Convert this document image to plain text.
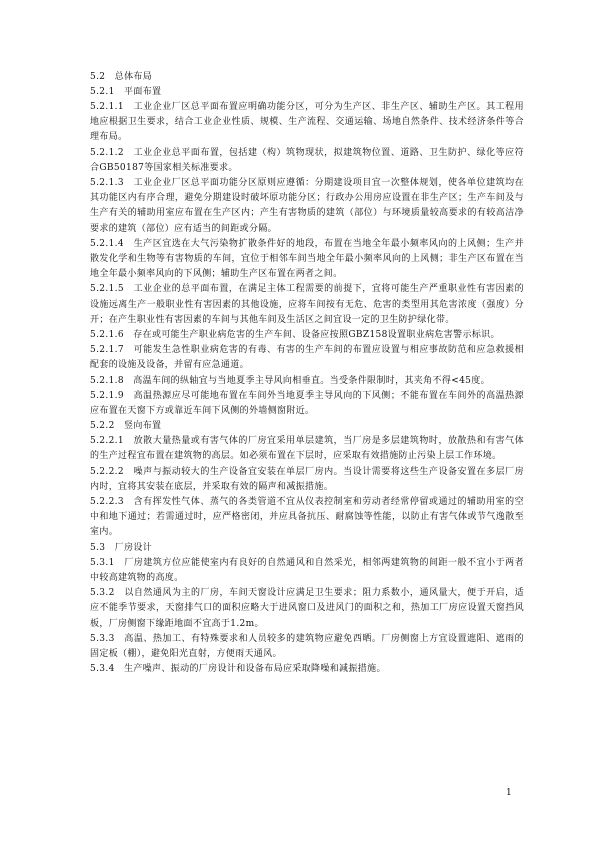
5.2　总体布局
5.2.1　平面布置
5.2.1.1　工业企业厂区总平面布置应明确功能分区，可分为生产区、非生产区、辅助生产区。其工程用地应根据卫生要求，结合工业企业性质、规模、生产流程、交通运输、场地自然条件、技术经济条件等合理布局。
5.2.1.2　工业企业总平面布置，包括建（构）筑物现状，拟建筑物位置、道路、卫生防护、绿化等应符合GB50187等国家相关标准要求。
5.2.1.3　工业企业厂区总平面功能分区原则应遵循：分期建设项目宜一次整体规划，使各单位建筑均在其功能区内有序合理，避免分期建设时破坏原功能分区；行政办公用房应设置在非生产区；生产车间及与生产有关的辅助用室应布置在生产区内；产生有害物质的建筑（部位）与环境质量较高要求的有较高洁净要求的建筑（部位）应有适当的间距或分隔。
5.2.1.4　生产区宜选在大气污染物扩散条件好的地段，布置在当地全年最小频率风向的上风侧；生产并散发化学和生物等有害物质的车间，宜位于相邻车间当地全年最小频率风向的上风侧；非生产区布置在当地全年最小频率风向的下风侧；辅助生产区布置在两者之间。
5.2.1.5　工业企业的总平面布置，在满足主体工程需要的前提下，宜将可能生产严重职业性有害因素的设施远离生产一般职业性有害因素的其他设施，应将车间按有无危、危害的类型用其危害浓度（强度）分开；在产生职业性有害因素的车间与其他车间及生活区之间宜设一定的卫生防护绿化带。
5.2.1.6　存在或可能生产职业病危害的生产车间、设备应按照GBZ158设置职业病危害警示标识。
5.2.1.7　可能发生急性职业病危害的有毒、有害的生产车间的布置应设置与相应事故防范和应急救援相配套的设施及设备，并留有应急通道。
5.2.1.8　高温车间的纵轴宜与当地夏季主导风向相垂直。当受条件限制时，其夹角不得<45度。
5.2.1.9　高温热源应尽可能地布置在车间外当地夏季主导风向的下风侧；不能布置在车间外的高温热源应布置在天窗下方或靠近车间下风侧的外墙侧窗附近。
5.2.2　竖向布置
5.2.2.1　放散大量热量或有害气体的厂房宜采用单层建筑，当厂房是多层建筑物时，放散热和有害气体的生产过程宜布置在建筑物的高层。如必须布置在下层时，应采取有效措施防止污染上层工作环境。
5.2.2.2　噪声与振动较大的生产设备宜安装在单层厂房内。当设计需要将这些生产设备安置在多层厂房内时，宜将其安装在底层，并采取有效的隔声和减振措施。
5.2.2.3　含有挥发性气体、蒸气的各类管道不宜从仪表控制室和劳动者经常停留或通过的辅助用室的空中和地下通过；若需通过时，应严格密闭，并应具备抗压、耐腐蚀等性能，以防止有害气体或节气逸散至室内。
5.3　厂房设计
5.3.1　厂房建筑方位应能使室内有良好的自然通风和自然采光，相邻两建筑物的间距一般不宜小于两者中较高建筑物的高度。
5.3.2　以自然通风为主的厂房，车间天窗设计应满足卫生要求；阻力系数小，通风量大，便于开启，适应不能季节要求，天窗排气口的面积应略大于进风窗口及进风门的面积之和，热加工厂房应设置天窗挡风板，厂房侧窗下缘距地面不宜高于1.2m。
5.3.3　高温、热加工、有特殊要求和人员较多的建筑物应避免西晒。厂房侧窗上方宜设置遮阳、遮雨的固定板（棚），避免阳光直射，方便雨天通风。
5.3.4　生产噪声、振动的厂房设计和设备布局应采取降噪和减振措施。
1
